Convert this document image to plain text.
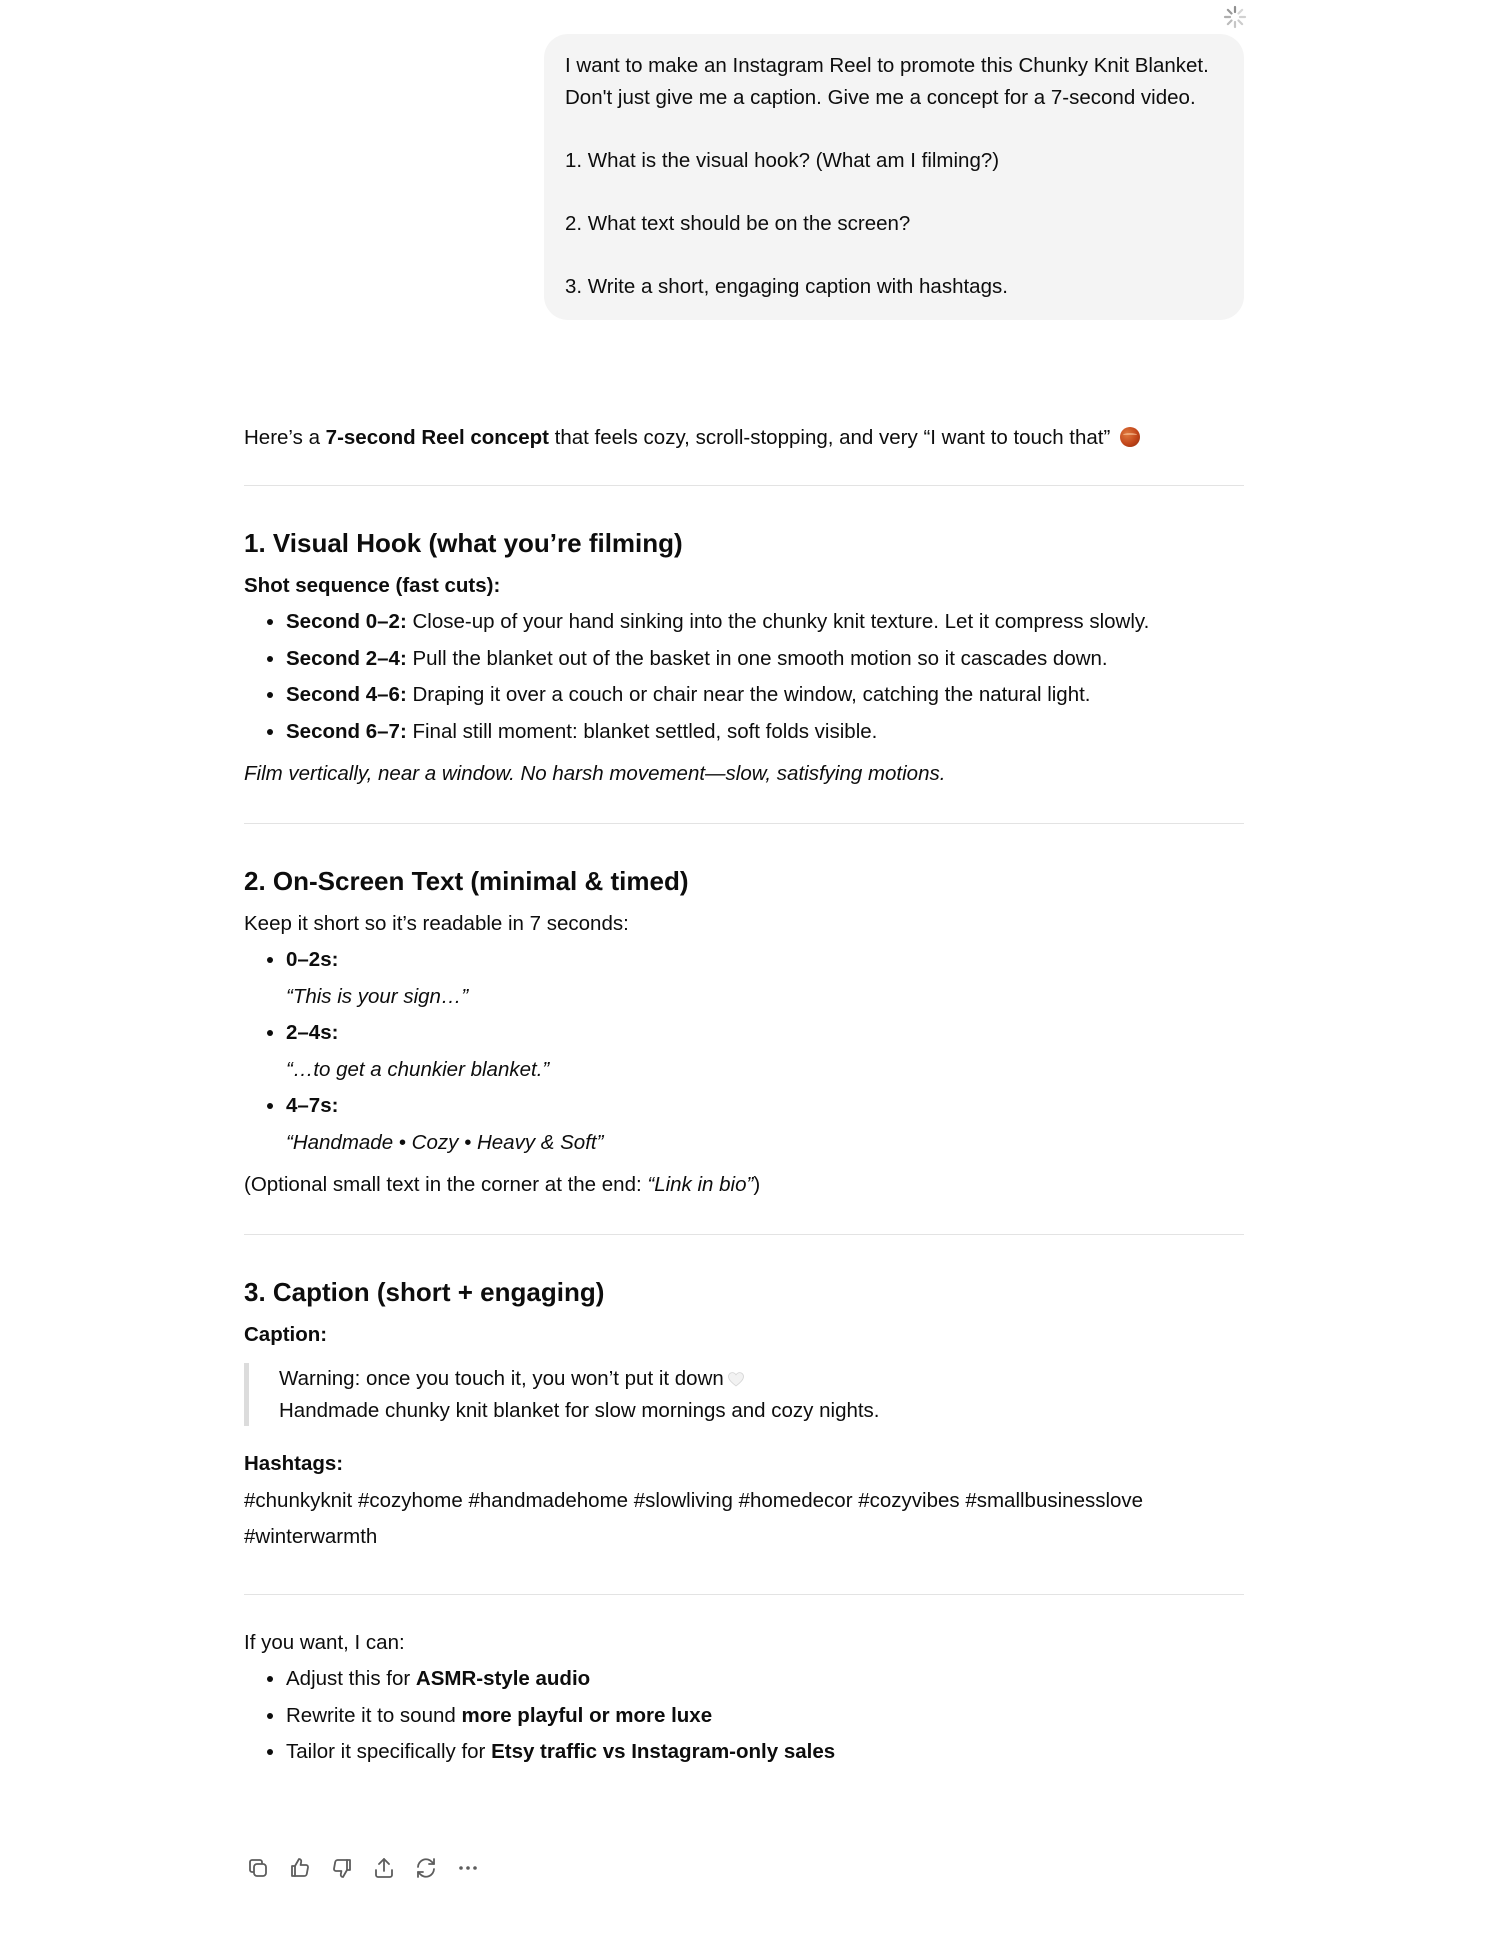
I want to make an Instagram Reel to promote this Chunky Knit Blanket. Don't just give me a caption. Give me a concept for a 7-second video.

1. What is the visual hook? (What am I filming?)

2. What text should be on the screen?

3. Write a short, engaging caption with hashtags.

Here’s a 7-second Reel concept that feels cozy, scroll-stopping, and very “I want to touch that”

1. Visual Hook (what you’re filming)

Shot sequence (fast cuts):

• Second 0–2: Close-up of your hand sinking into the chunky knit texture. Let it compress slowly.
• Second 2–4: Pull the blanket out of the basket in one smooth motion so it cascades down.
• Second 4–6: Draping it over a couch or chair near the window, catching the natural light.
• Second 6–7: Final still moment: blanket settled, soft folds visible.

Film vertically, near a window. No harsh movement—slow, satisfying motions.

2. On-Screen Text (minimal & timed)

Keep it short so it’s readable in 7 seconds:

• 0–2s:
“This is your sign…”
• 2–4s:
“…to get a chunkier blanket.”
• 4–7s:
“Handmade • Cozy • Heavy & Soft”

(Optional small text in the corner at the end: “Link in bio”)

3. Caption (short + engaging)

Caption:

Warning: once you touch it, you won’t put it down
Handmade chunky knit blanket for slow mornings and cozy nights.

Hashtags:

#chunkyknit #cozyhome #handmadehome #slowliving #homedecor #cozyvibes #smallbusinesslove #winterwarmth

If you want, I can:

• Adjust this for ASMR-style audio
• Rewrite it to sound more playful or more luxe
• Tailor it specifically for Etsy traffic vs Instagram-only sales
